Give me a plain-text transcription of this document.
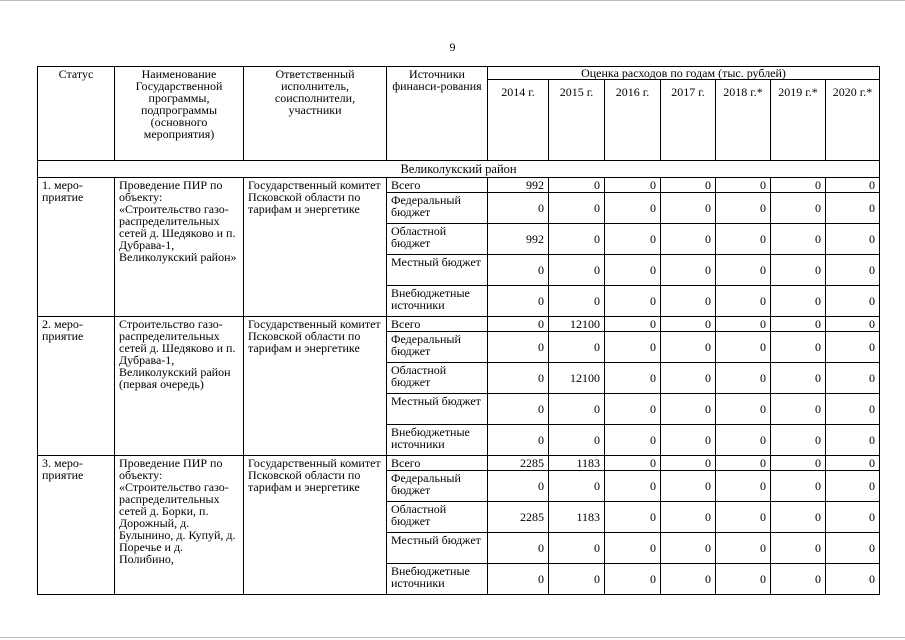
9
Статус	Наименование Государственной программы, подпрограммы (основного мероприятия)	Ответственный исполнитель, соисполнители, участники	Источники финанси-рования	Оценка расходов по годам (тыс. рублей)						
				2014 г.	2015 г.	2016 г.	2017 г.	2018 г.*	2019 г.*	2020 г.*
Великолукский район										
1. меро-приятие	Проведение ПИР по объекту: «Строительство газо-распределительных сетей д. Шедяково и п. Дубрава-1, Великолукский район»	Государственный комитет Псковской области по тарифам и энергетике	Всего	992	0	0	0	0	0	0
			Федеральный бюджет	0	0	0	0	0	0	0
			Областной бюджет	992	0	0	0	0	0	0
			Местный бюджет	0	0	0	0	0	0	0
			Внебюджетные источники	0	0	0	0	0	0	0
2. меро-приятие	Строительство газо-распределительных сетей д. Шедяково и п. Дубрава-1, Великолукский район (первая очередь)	Государственный комитет Псковской области по тарифам и энергетике	Всего	0	12100	0	0	0	0	0
			Федеральный бюджет	0	0	0	0	0	0	0
			Областной бюджет	0	12100	0	0	0	0	0
			Местный бюджет	0	0	0	0	0	0	0
			Внебюджетные источники	0	0	0	0	0	0	0
3. меро-приятие	Проведение ПИР по объекту: «Строительство газо-распределительных сетей д. Борки, п. Дорожный, д. Булынино, д. Купуй, д. Поречье и д. Полибино,	Государственный комитет Псковской области по тарифам и энергетике	Всего	2285	1183	0	0	0	0	0
			Федеральный бюджет	0	0	0	0	0	0	0
			Областной бюджет	2285	1183	0	0	0	0	0
			Местный бюджет	0	0	0	0	0	0	0
			Внебюджетные источники	0	0	0	0	0	0	0
